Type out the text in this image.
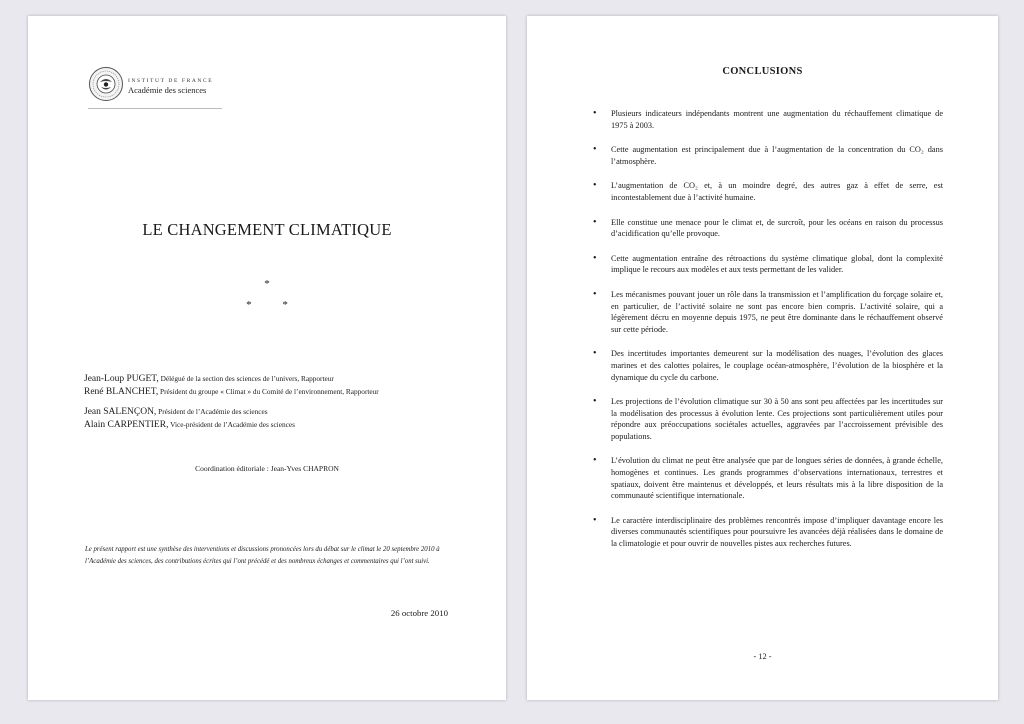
INSTITUT DE FRANCE
Académie des sciences
LE CHANGEMENT CLIMATIQUE
*
*	*
Jean-Loup PUGET, Délégué de la section des sciences de l’univers, Rapporteur
René BLANCHET, Président du groupe « Climat » du Comité de l’environnement, Rapporteur
Jean SALENÇON, Président de l’Académie des sciences
Alain CARPENTIER, Vice-président de l’Académie des sciences
Coordination éditoriale : Jean-Yves CHAPRON
Le présent rapport est une synthèse des interventions et discussions prononcées lors du débat sur le climat le 20 septembre 2010 à l’Académie des sciences, des contributions écrites qui l’ont précédé et des nombreux échanges et commentaires qui l’ont suivi.
26 octobre 2010
CONCLUSIONS
• Plusieurs indicateurs indépendants montrent une augmentation du réchauffement climatique de 1975 à 2003.
• Cette augmentation est principalement due à l’augmentation de la concentration du CO₂ dans l’atmosphère.
• L’augmentation de CO₂ et, à un moindre degré, des autres gaz à effet de serre, est incontestablement due à l’activité humaine.
• Elle constitue une menace pour le climat et, de surcroît, pour les océans en raison du processus d’acidification qu’elle provoque.
• Cette augmentation entraîne des rétroactions du système climatique global, dont la complexité implique le recours aux modèles et aux tests permettant de les valider.
• Les mécanismes pouvant jouer un rôle dans la transmission et l’amplification du forçage solaire et, en particulier, de l’activité solaire ne sont pas encore bien compris. L’activité solaire, qui a légèrement décru en moyenne depuis 1975, ne peut être dominante dans le réchauffement observé sur cette période.
• Des incertitudes importantes demeurent sur la modélisation des nuages, l’évolution des glaces marines et des calottes polaires, le couplage océan-atmosphère, l’évolution de la biosphère et la dynamique du cycle du carbone.
• Les projections de l’évolution climatique sur 30 à 50 ans sont peu affectées par les incertitudes sur la modélisation des processus à évolution lente. Ces projections sont particulièrement utiles pour répondre aux préoccupations sociétales actuelles, aggravées par l’accroissement prévisible des populations.
• L’évolution du climat ne peut être analysée que par de longues séries de données, à grande échelle, homogènes et continues. Les grands programmes d’observations internationaux, terrestres et spatiaux, doivent être maintenus et développés, et leurs résultats mis à la libre disposition de la communauté scientifique internationale.
• Le caractère interdisciplinaire des problèmes rencontrés impose d’impliquer davantage encore les diverses communautés scientifiques pour poursuivre les avancées déjà réalisées dans le domaine de la climatologie et pour ouvrir de nouvelles pistes aux recherches futures.
- 12 -
